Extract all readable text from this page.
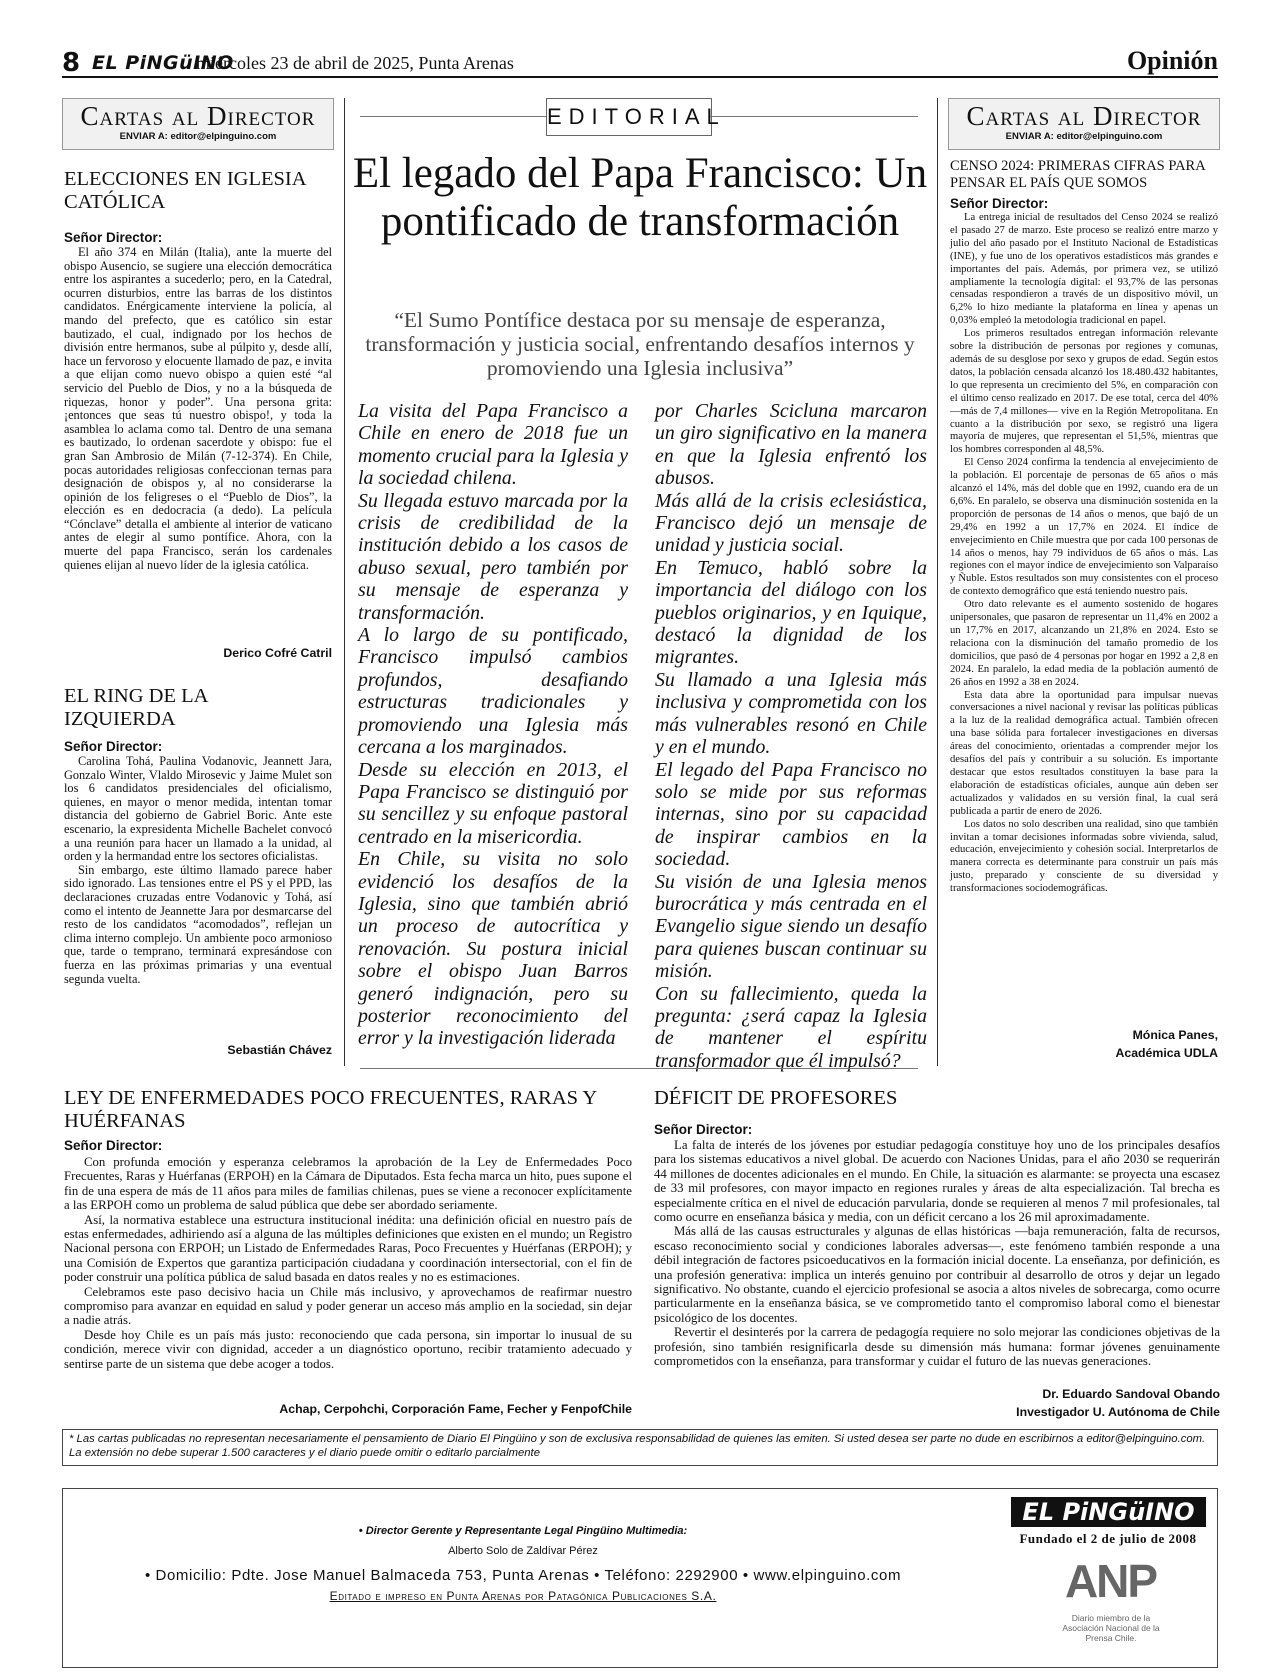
8 EL PiNGüINO
miércoles 23 de abril de 2025, Punta Arenas	Opinión
Cartas al Director
ENVIAR A: editor@elpinguino.com
ELECCIONES EN IGLESIA CATÓLICA
Señor Director:

El año 374 en Milán (Italia), ante la muerte del obispo Ausencio, se sugiere una elección democrática entre los aspirantes a sucederlo; pero, en la Catedral, ocurren disturbios, entre las barras de los distintos candidatos. Enérgicamente interviene la policía, al mando del prefecto, que es católico sin estar bautizado, el cual, indignado por los hechos de división entre hermanos, sube al púlpito y, desde allí, hace un fervoroso y elocuente llamado de paz, e invita a que elijan como nuevo obispo a quien esté “al servicio del Pueblo de Dios, y no a la búsqueda de riquezas, honor y poder”. Una persona grita: ¡entonces que seas tú nuestro obispo!, y toda la asamblea lo aclama como tal. Dentro de una semana es bautizado, lo ordenan sacerdote y obispo: fue el gran San Ambrosio de Milán (7-12-374). En Chile, pocas autoridades religiosas confeccionan ternas para designación de obispos y, al no considerarse la opinión de los feligreses o el “Pueblo de Dios”, la elección es en dedocracia (a dedo). La película “Cónclave” detalla el ambiente al interior de vaticano antes de elegir al sumo pontífice. Ahora, con la muerte del papa Francisco, serán los cardenales quienes elijan al nuevo líder de la iglesia católica.

Derico Cofré Catril
EL RING DE LA IZQUIERDA
Señor Director:

Carolina Tohá, Paulina Vodanovic, Jeannett Jara, Gonzalo Winter, Vlaldo Mirosevic y Jaime Mulet son los 6 candidatos presidenciales del oficialismo, quienes, en mayor o menor medida, intentan tomar distancia del gobierno de Gabriel Boric. Ante este escenario, la expresidenta Michelle Bachelet convocó a una reunión para hacer un llamado a la unidad, al orden y la hermandad entre los sectores oficialistas.

Sin embargo, este último llamado parece haber sido ignorado. Las tensiones entre el PS y el PPD, las declaraciones cruzadas entre Vodanovic y Tohá, así como el intento de Jeannette Jara por desmarcarse del resto de los candidatos “acomodados”, reflejan un clima interno complejo. Un ambiente poco armonioso que, tarde o temprano, terminará expresándose con fuerza en las próximas primarias y una eventual segunda vuelta.

Sebastián Chávez
EDITORIAL
El legado del Papa Francisco: Un pontificado de transformación
“El Sumo Pontífice destaca por su mensaje de esperanza, transformación y justicia social, enfrentando desafíos internos y promoviendo una Iglesia inclusiva”

La visita del Papa Francisco a Chile en enero de 2018 fue un momento crucial para la Iglesia y la sociedad chilena.

Su llegada estuvo marcada por la crisis de credibilidad de la institución debido a los casos de abuso sexual, pero también por su mensaje de esperanza y transformación.

A lo largo de su pontificado, Francisco impulsó cambios profundos, desafiando estructuras tradicionales y promoviendo una Iglesia más cercana a los marginados.

Desde su elección en 2013, el Papa Francisco se distinguió por su sencillez y su enfoque pastoral centrado en la misericordia.

En Chile, su visita no solo evidenció los desafíos de la Iglesia, sino que también abrió un proceso de autocrítica y renovación. Su postura inicial sobre el obispo Juan Barros generó indignación, pero su posterior reconocimiento del error y la investigación liderada

por Charles Scicluna marcaron un giro significativo en la manera en que la Iglesia enfrentó los abusos.

Más allá de la crisis eclesiástica, Francisco dejó un mensaje de unidad y justicia social.

En Temuco, habló sobre la importancia del diálogo con los pueblos originarios, y en Iquique, destacó la dignidad de los migrantes.

Su llamado a una Iglesia más inclusiva y comprometida con los más vulnerables resonó en Chile y en el mundo.

El legado del Papa Francisco no solo se mide por sus reformas internas, sino por su capacidad de inspirar cambios en la sociedad.

Su visión de una Iglesia menos burocrática y más centrada en el Evangelio sigue siendo un desafío para quienes buscan continuar su misión.

Con su fallecimiento, queda la pregunta: ¿será capaz la Iglesia de mantener el espíritu transformador que él impulsó?

Cartas al Director
ENVIAR A: editor@elpinguino.com
CENSO 2024: PRIMERAS CIFRAS PARA PENSAR EL PAÍS QUE SOMOS
Señor Director:

La entrega inicial de resultados del Censo 2024 se realizó el pasado 27 de marzo. Este proceso se realizó entre marzo y julio del año pasado por el Instituto Nacional de Estadísticas (INE), y fue uno de los operativos estadísticos más grandes e importantes del país. Además, por primera vez, se utilizó ampliamente la tecnología digital: el 93,7% de las personas censadas respondieron a través de un dispositivo móvil, un 6,2% lo hizo mediante la plataforma en línea y apenas un 0,03% empleó la metodología tradicional en papel.

Los primeros resultados entregan información relevante sobre la distribución de personas por regiones y comunas, además de su desglose por sexo y grupos de edad. Según estos datos, la población censada alcanzó los 18.480.432 habitantes, lo que representa un crecimiento del 5%, en comparación con el último censo realizado en 2017. De ese total, cerca del 40% —más de 7,4 millones— vive en la Región Metropolitana. En cuanto a la distribución por sexo, se registró una ligera mayoría de mujeres, que representan el 51,5%, mientras que los hombres corresponden al 48,5%.

El Censo 2024 confirma la tendencia al envejecimiento de la población. El porcentaje de personas de 65 años o más alcanzó el 14%, más del doble que en 1992, cuando era de un 6,6%. En paralelo, se observa una disminución sostenida en la proporción de personas de 14 años o menos, que bajó de un 29,4% en 1992 a un 17,7% en 2024. El índice de envejecimiento en Chile muestra que por cada 100 personas de 14 años o menos, hay 79 individuos de 65 años o más. Las regiones con el mayor índice de envejecimiento son Valparaíso y Ñuble. Estos resultados son muy consistentes con el proceso de contexto demográfico que está teniendo nuestro país.

Otro dato relevante es el aumento sostenido de hogares unipersonales, que pasaron de representar un 11,4% en 2002 a un 17,7% en 2017, alcanzando un 21,8% en 2024. Esto se relaciona con la disminución del tamaño promedio de los domicilios, que pasó de 4 personas por hogar en 1992 a 2,8 en 2024. En paralelo, la edad media de la población aumentó de 26 años en 1992 a 38 en 2024.

Esta data abre la oportunidad para impulsar nuevas conversaciones a nivel nacional y revisar las políticas públicas a la luz de la realidad demográfica actual. También ofrecen una base sólida para fortalecer investigaciones en diversas áreas del conocimiento, orientadas a comprender mejor los desafíos del país y contribuir a su solución. Es importante destacar que estos resultados constituyen la base para la elaboración de estadísticas oficiales, aunque aún deben ser actualizados y validados en su versión final, la cual será publicada a partir de enero de 2026.

Los datos no solo describen una realidad, sino que también invitan a tomar decisiones informadas sobre vivienda, salud, educación, envejecimiento y cohesión social. Interpretarlos de manera correcta es determinante para construir un país más justo, preparado y consciente de su diversidad y transformaciones sociodemográficas.

Mónica Panes,
Académica UDLA
LEY DE ENFERMEDADES POCO FRECUENTES, RARAS Y HUÉRFANAS
Señor Director:

Con profunda emoción y esperanza celebramos la aprobación de la Ley de Enfermedades Poco Frecuentes, Raras y Huérfanas (ERPOH) en la Cámara de Diputados. Esta fecha marca un hito, pues supone el fin de una espera de más de 11 años para miles de familias chilenas, pues se viene a reconocer explícitamente a las ERPOH como un problema de salud pública que debe ser abordado seriamente.

Así, la normativa establece una estructura institucional inédita: una definición oficial en nuestro país de estas enfermedades, adhiriendo así a alguna de las múltiples definiciones que existen en el mundo; un Registro Nacional persona con ERPOH; un Listado de Enfermedades Raras, Poco Frecuentes y Huérfanas (ERPOH); y una Comisión de Expertos que garantiza participación ciudadana y coordinación intersectorial, con el fin de poder construir una política pública de salud basada en datos reales y no es estimaciones.

Celebramos este paso decisivo hacia un Chile más inclusivo, y aprovechamos de reafirmar nuestro compromiso para avanzar en equidad en salud y poder generar un acceso más amplio en la sociedad, sin dejar a nadie atrás.

Desde hoy Chile es un país más justo: reconociendo que cada persona, sin importar lo inusual de su condición, merece vivir con dignidad, acceder a un diagnóstico oportuno, recibir tratamiento adecuado y sentirse parte de un sistema que debe acoger a todos.

Achap, Cerpohchi, Corporación Fame, Fecher y FenpofChile
DÉFICIT DE PROFESORES
Señor Director:

La falta de interés de los jóvenes por estudiar pedagogía constituye hoy uno de los principales desafíos para los sistemas educativos a nivel global. De acuerdo con Naciones Unidas, para el año 2030 se requerirán 44 millones de docentes adicionales en el mundo. En Chile, la situación es alarmante: se proyecta una escasez de 33 mil profesores, con mayor impacto en regiones rurales y áreas de alta especialización. Tal brecha es especialmente crítica en el nivel de educación parvularia, donde se requieren al menos 7 mil profesionales, tal como ocurre en enseñanza básica y media, con un déficit cercano a los 26 mil aproximadamente.

Más allá de las causas estructurales y algunas de ellas históricas —baja remuneración, falta de recursos, escaso reconocimiento social y condiciones laborales adversas—, este fenómeno también responde a una débil integración de factores psicoeducativos en la formación inicial docente. La enseñanza, por definición, es una profesión generativa: implica un interés genuino por contribuir al desarrollo de otros y dejar un legado significativo. No obstante, cuando el ejercicio profesional se asocia a altos niveles de sobrecarga, como ocurre particularmente en la enseñanza básica, se ve comprometido tanto el compromiso laboral como el bienestar psicológico de los docentes.

Revertir el desinterés por la carrera de pedagogía requiere no solo mejorar las condiciones objetivas de la profesión, sino también resignificarla desde su dimensión más humana: formar jóvenes genuinamente comprometidos con la enseñanza, para transformar y cuidar el futuro de las nuevas generaciones.

Dr. Eduardo Sandoval Obando
Investigador U. Autónoma de Chile
* Las cartas publicadas no representan necesariamente el pensamiento de Diario El Pingüino y son de exclusiva responsabilidad de quienes las emiten. Si usted desea ser parte no dude en escribirnos a editor@elpinguino.com. La extensión no debe superar 1.500 caracteres y el diario puede omitir o editarlo parcialmente
• Director Gerente y Representante Legal Pingüino Multimedia:
Alberto Solo de Zaldívar Pérez
• Domicilio: Pdte. Jose Manuel Balmaceda 753, Punta Arenas • Teléfono: 2292900 • www.elpinguino.com
Editado e impreso en Punta Arenas por Patagónica Publicaciones S.A.
EL PiNGüINO
Fundado el 2 de julio de 2008
ANP
Diario miembro de la Asociación Nacional de la Prensa Chile.
